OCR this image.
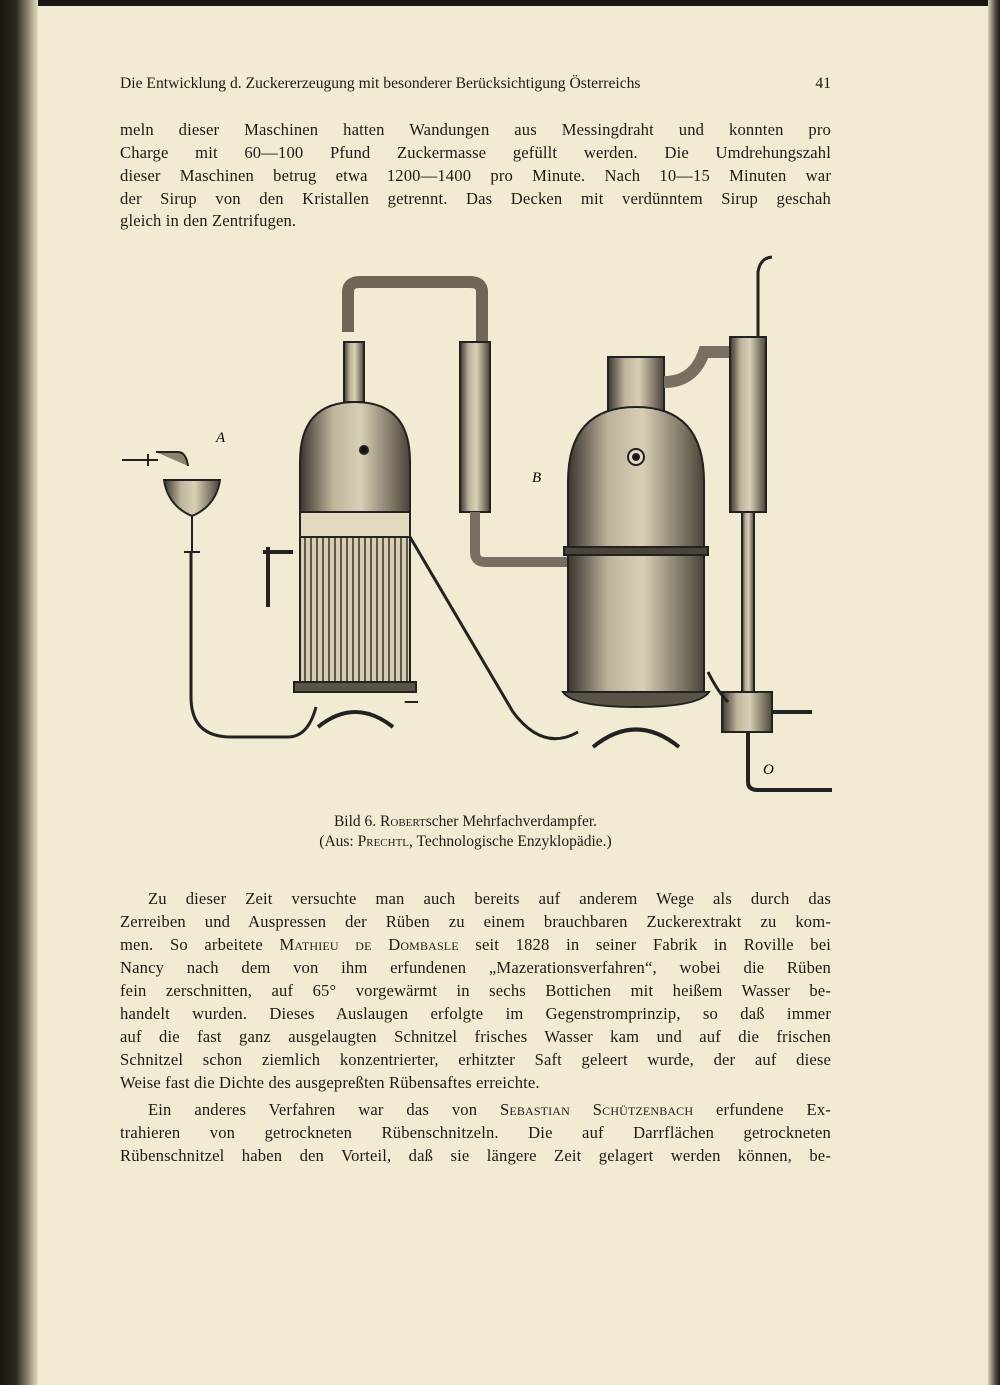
Die Entwicklung d. Zuckererzeugung mit besonderer Berücksichtigung Österreichs	41
meln dieser Maschinen hatten Wandungen aus Messingdraht und konnten pro
Charge mit 60—100 Pfund Zuckermasse gefüllt werden. Die Umdrehungszahl
dieser Maschinen betrug etwa 1200—1400 pro Minute. Nach 10—15 Minuten war
der Sirup von den Kristallen getrennt. Das Decken mit verdünntem Sirup geschah
gleich in den Zentrifugen.
A
B
O
Bild 6. Robertscher Mehrfachverdampfer.
(Aus: Prechtl, Technologische Enzyklopädie.)
Zu dieser Zeit versuchte man auch bereits auf anderem Wege als durch das
Zerreiben und Auspressen der Rüben zu einem brauchbaren Zuckerextrakt zu kom-
men. So arbeitete Mathieu de Dombasle seit 1828 in seiner Fabrik in Roville bei
Nancy nach dem von ihm erfundenen „Mazerationsverfahren“, wobei die Rüben
fein zerschnitten, auf 65° vorgewärmt in sechs Bottichen mit heißem Wasser be-
handelt wurden. Dieses Auslaugen erfolgte im Gegenstromprinzip, so daß immer
auf die fast ganz ausgelaugten Schnitzel frisches Wasser kam und auf die frischen
Schnitzel schon ziemlich konzentrierter, erhitzter Saft geleert wurde, der auf diese
Weise fast die Dichte des ausgepreßten Rübensaftes erreichte.
Ein anderes Verfahren war das von Sebastian Schützenbach erfundene Ex-
trahieren von getrockneten Rübenschnitzeln. Die auf Darrflächen getrockneten
Rübenschnitzel haben den Vorteil, daß sie längere Zeit gelagert werden können, be-
